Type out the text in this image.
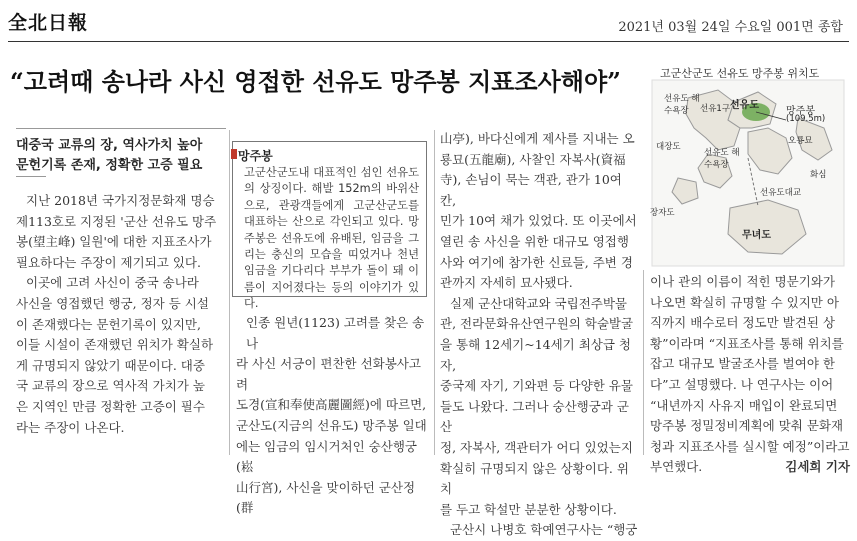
全北日報	2021년 03월 24일 수요일 001면 종합
“고려때 송나라 사신 영접한 선유도 망주봉 지표조사해야”
대중국 교류의 장, 역사가치 높아
문헌기록 존재, 정확한 고증 필요

지난 2018년 국가지정문화재 명승

제113호로 지정된 '군산 선유도 망주

봉(望主峰) 일원'에 대한 지표조사가

필요하다는 주장이 제기되고 있다.

이곳에 고려 사신이 중국 송나라

사신을 영접했던 행궁, 정자 등 시설

이 존재했다는 문헌기록이 있지만,

이들 시설이 존재했던 위치가 확실하

게 규명되지 않았기 때문이다. 대중

국 교류의 장으로 역사적 가치가 높

은 지역인 만큼 정확한 고증이 필수

라는 주장이 나온다.

망주봉
고군산군도내 대표적인 섬인 선유도의 상징이다. 해발 152m의 바위산으로, 관광객들에게 고군산군도를 대표하는 산으로 각인되고 있다. 망주봉은 선유도에 유배된, 임금을 그리는 충신의 모습을 띠었거나 천년 임금을 기다리다 부부가 돌이 돼 이름이 지어졌다는 등의 이야기가 있다.

인종 원년(1123) 고려를 찾은 송나

라 사신 서긍이 편찬한 선화봉사고려

도경(宣和奉使高麗圖經)에 따르면,

군산도(지금의 선유도) 망주봉 일대

에는 임금의 임시거처인 숭산행궁(崧

山行宮), 사신을 맞이하던 군산정(群

山亭), 바다신에게 제사를 지내는 오

룡묘(五龍廟), 사찰인 자복사(資福

寺), 손님이 묵는 객관, 관가 10여 칸,

민가 10여 채가 있었다. 또 이곳에서

열린 송 사신을 위한 대규모 영접행

사와 여기에 참가한 신료들, 주변 경

관까지 자세히 묘사됐다.

실제 군산대학교와 국립전주박물

관, 전라문화유산연구원의 학술발굴

을 통해 12세기~14세기 최상급 청자,

중국제 자기, 기와편 등 다양한 유물

들도 나왔다. 그러나 숭산행궁과 군산

정, 자복사, 객관터가 어디 있었는지

확실히 규명되지 않은 상황이다. 위치

를 두고 학설만 분분한 상황이다.

군산시 나병호 학예연구사는 “행궁

고군산군도 선유도 망주봉 위치도
선유도 해수욕장	선유1구 선유도
망주봉
(109.5m)
대장도
오룡묘
선유도 해수욕장
장자도
무녀도
선유도대교
화심

이나 관의 이름이 적힌 명문기와가

나오면 확실히 규명할 수 있지만 아

직까지 배수로터 정도만 발견된 상

황”이라며 “지표조사를 통해 위치를

잡고 대규모 발굴조사를 벌여야 한

다”고 설명했다. 나 연구사는 이어

“내년까지 사유지 매입이 완료되면

망주봉 정밀정비계획에 맞춰 문화재

청과 지표조사를 실시할 예정”이라고

부연했다.	김세희 기자
